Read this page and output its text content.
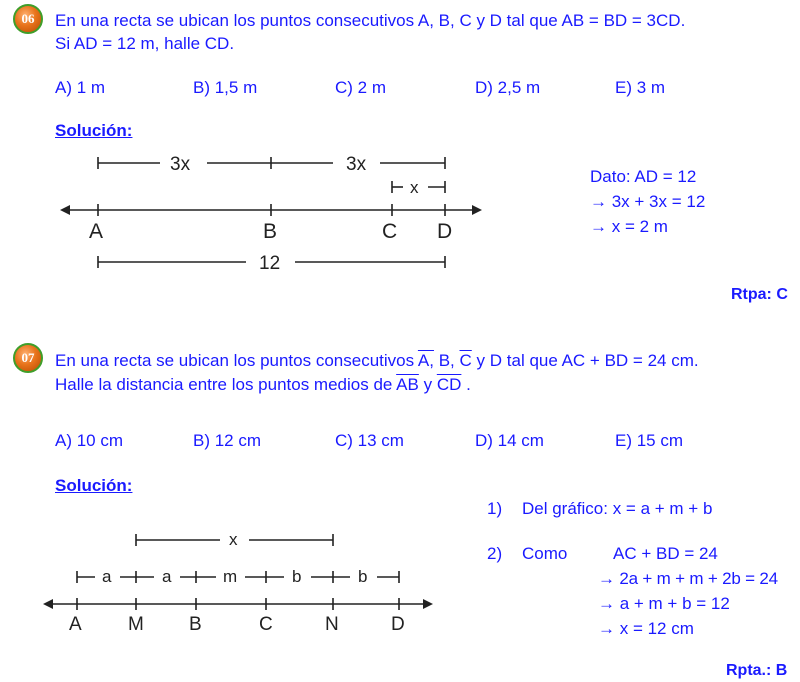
06	En una recta se ubican los puntos consecutivos A, B, C y D tal que AB = BD = 3CD.
Si AD = 12 m, halle CD.
A) 1 m	B) 1,5 m	C) 2 m	D) 2,5 m	E) 3 m
Solución:
3x	3x
x
A	B	C D
12
Dato: AD = 12
→ 3x + 3x = 12
→ x = 2 m
Rtpa: C
07	En una recta se ubican los puntos consecutivos A, B, $\overline{C}$ y D tal que AC + BD = 24 cm.
Halle la distancia entre los puntos medios de $\overline{AB}$ y $\overline{CD}$ .
A) 10 cm	B) 12 cm	C) 13 cm	D) 14 cm	E) 15 cm
Solución:
x
a	a	m	b	b
A M B	C	N	D
1) Del gráfico: x = a + m + b
2) Como	AC + BD = 24
→ 2a + m + m + 2b = 24
→ a + m + b = 12
→ x = 12 cm
Rpta.: B
